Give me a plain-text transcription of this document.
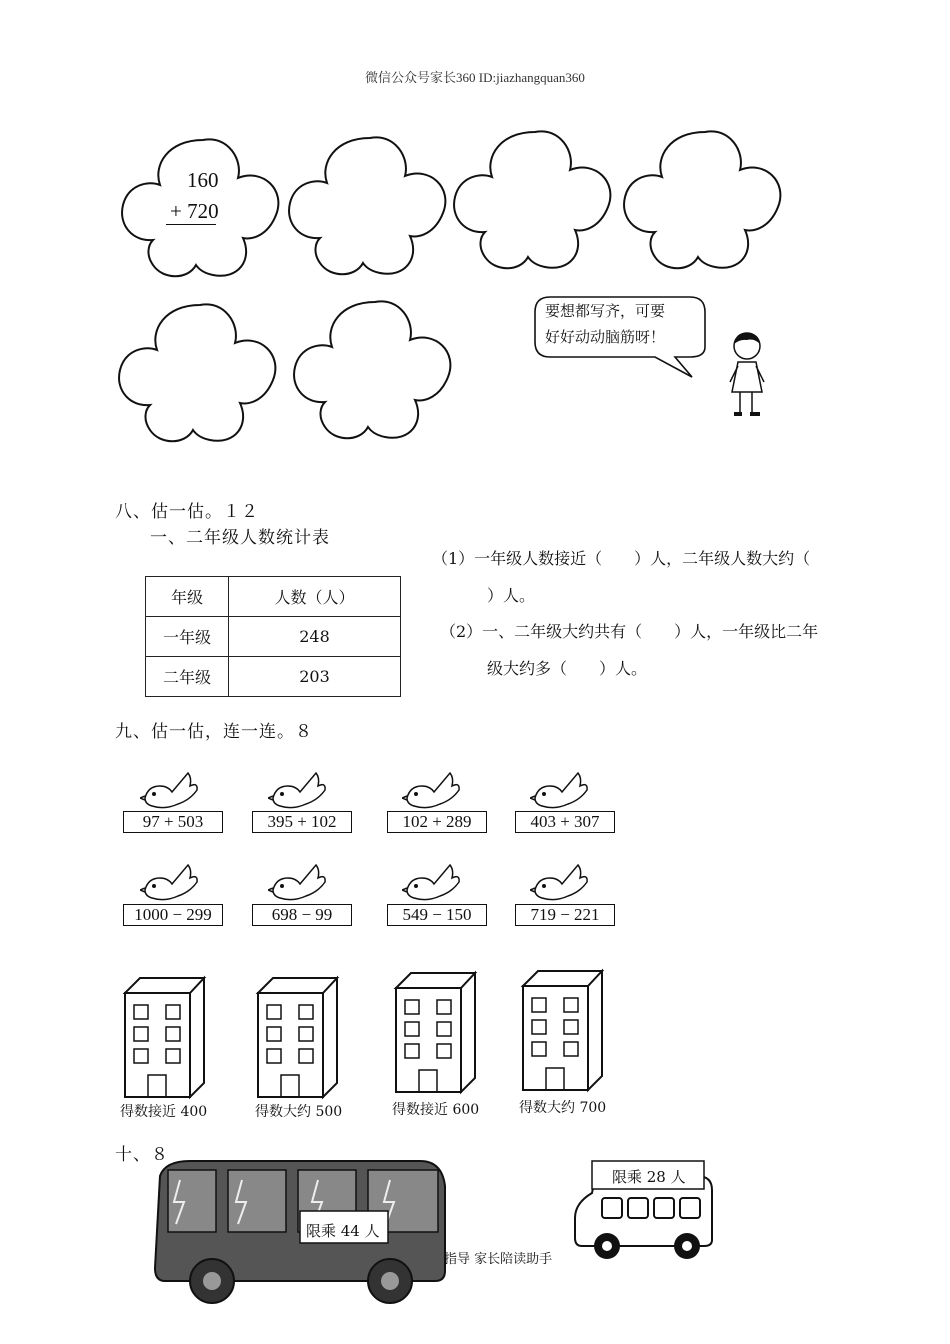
微信公众号家长360 ID:jiazhangquan360
160
+ 720
要想都写齐，可要
好好动动脑筋呀！
八、估一估。１２
一、二年级人数统计表
年级	人数（人）
一年级	248
二年级	203
（1）一年级人数接近（　　）人，二年级人数大约（
）人。
（2）一、二年级大约共有（　　）人，一年级比二年
级大约多（　　）人。
九、估一估，连一连。８
97 + 503	395 + 102	102 + 289	403 + 307
1000 − 299	698 − 99	549 − 150	719 − 221
得数接近 400	得数大约 500	得数接近 600	得数大约 700
十、８
限乘 44 人
限乘 28 人
指导 家长陪读助手
